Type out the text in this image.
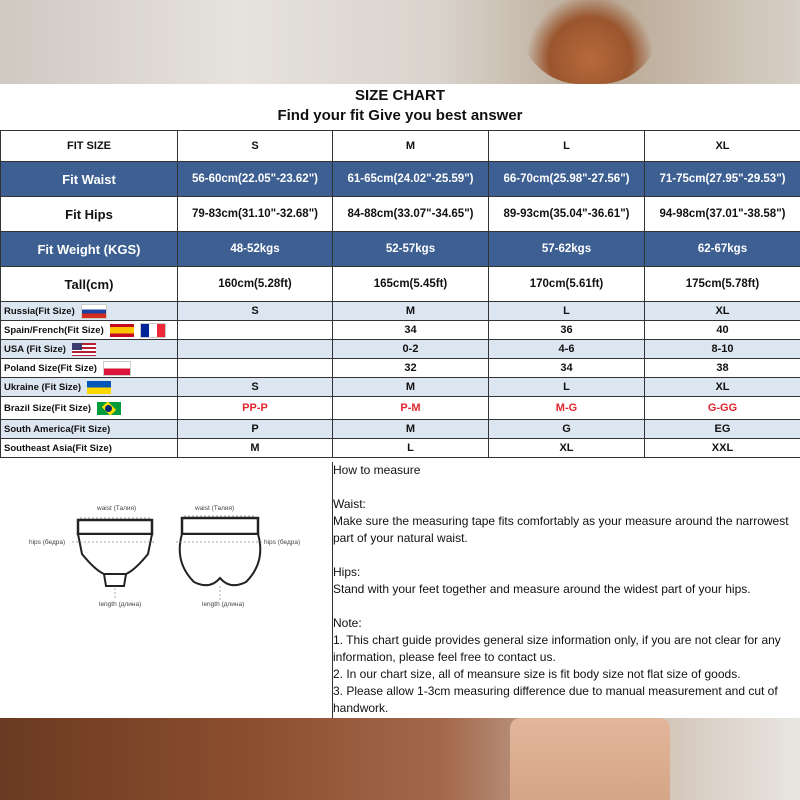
SIZE CHART
Find your fit Give you best answer
FIT SIZE	S	M	L	XL
Fit Waist	56-60cm(22.05"-23.62")	61-65cm(24.02"-25.59")	66-70cm(25.98"-27.56")	71-75cm(27.95"-29.53")
Fit Hips	79-83cm(31.10"-32.68")	84-88cm(33.07"-34.65")	89-93cm(35.04"-36.61")	94-98cm(37.01"-38.58")
Fit Weight (KGS)	48-52kgs	52-57kgs	57-62kgs	62-67kgs
Tall(cm)	160cm(5.28ft)	165cm(5.45ft)	170cm(5.61ft)	175cm(5.78ft)

Russia(Fit Size)	S	M	L	XL

Spain/French(Fit Size)		34	36	40

USA (Fit Size)		0-2	4-6	8-10

Poland Size(Fit Size)		32	34	38

Ukraine (Fit Size)	S	M	L	XL

Brazil Size(Fit Size)	PP-P	P-M	M-G	G-GG
South America(Fit Size)	P	M	G	EG
Southeast Asia(Fit Size)	M	L	XL	XXL
waist (Талия)	waist (Талия)
hips (бедра)	hips (бедра)
length (длина)	length (длина)

How to measure

Waist:

Make sure the measuring tape fits comfortably as your measure around the narrowest part of your natural waist.

Hips:

Stand with your feet together and measure around the widest part of your hips.

Note:

1. This chart guide provides general size information only, if you are not clear for any information, please feel free to contact us.

2. In our chart size, all of meansure size is fit body size not flat size of goods.

3. Please allow 1-3cm measuring difference due to manual measurement and cut of handwork.
